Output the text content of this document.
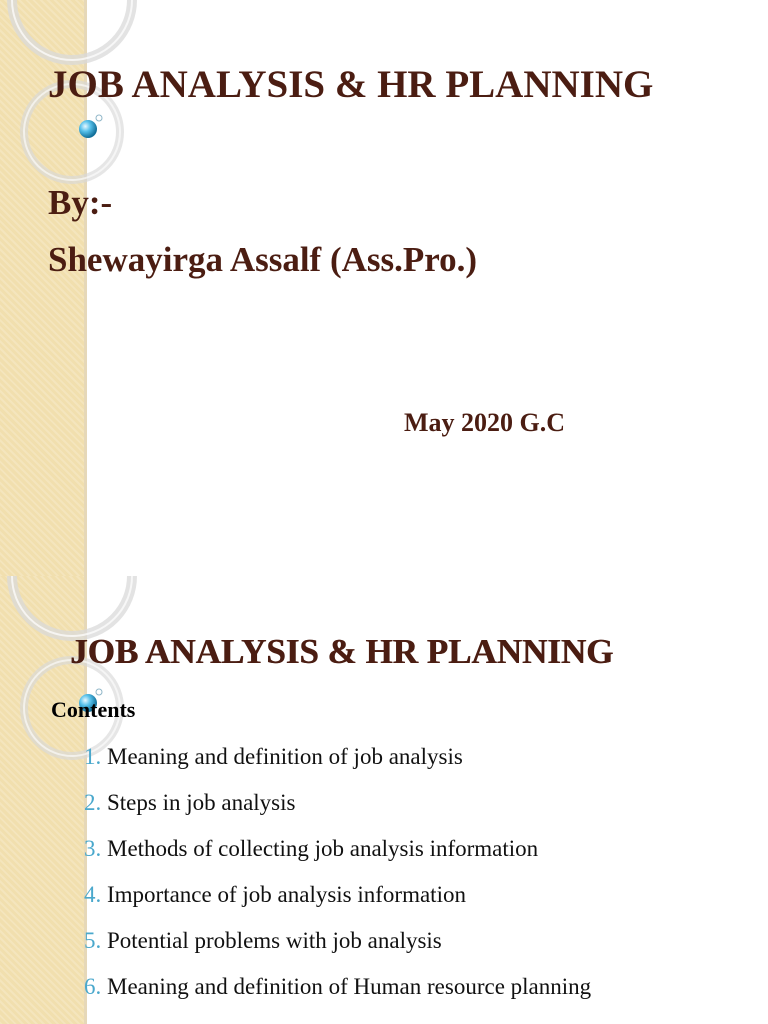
JOB ANALYSIS & HR PLANNING

By:-

Shewayirga Assalf (Ass.Pro.)

May 2020 G.C

JOB ANALYSIS & HR PLANNING

Contents

1. Meaning and definition of job analysis
2. Steps in job analysis
3. Methods of collecting job analysis information
4. Importance of job analysis information
5. Potential problems with job analysis
6. Meaning and definition of Human resource planning
